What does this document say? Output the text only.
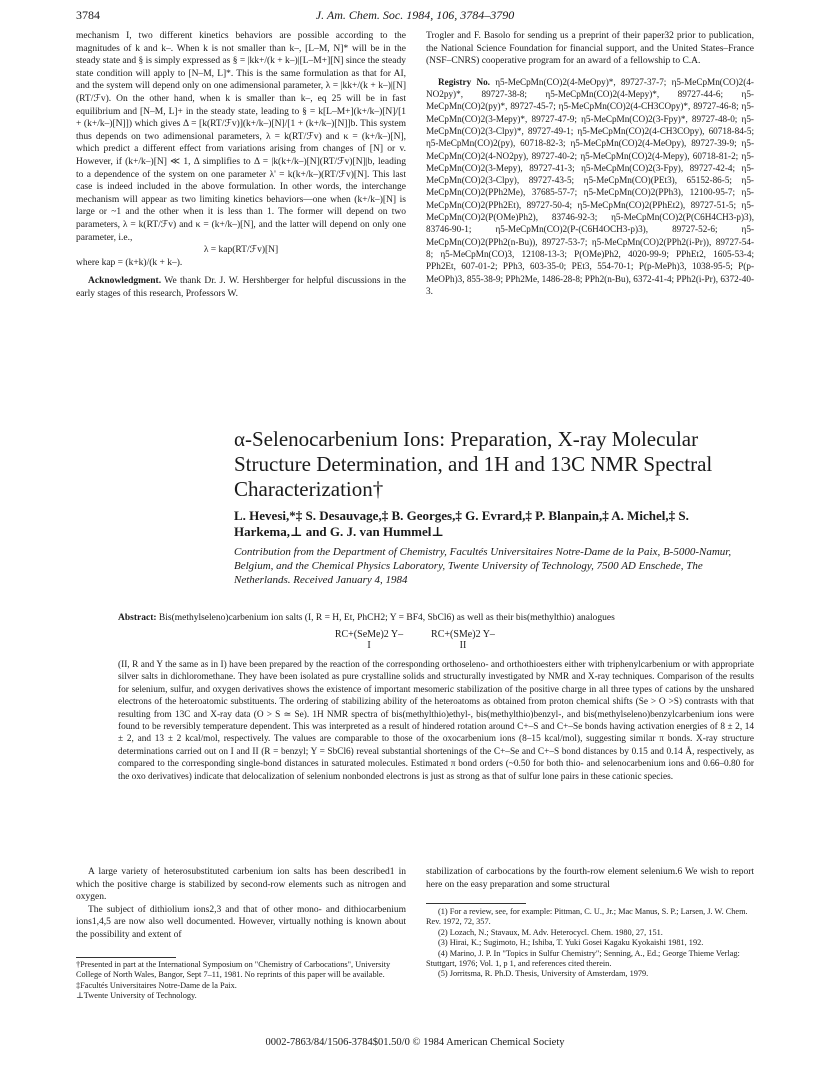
3784	J. Am. Chem. Soc. 1984, 106, 3784–3790

mechanism I, two different kinetics behaviors are possible according to the magnitudes of k and k–. When k is not smaller than k–, [L–M, N]* will be in the steady state and § is simply expressed as § = |kk+/(k + k–)|[L–M+][N] since the steady state condition will apply to [N–M, L]*. This is the same formulation as that for AI, and the system will depend only on one adimensional parameter, λ = |kk+/(k + k–)|[N](RT/ℱv). On the other hand, when k is smaller than k–, eq 25 will be in fast equilibrium and [N–M, L]+ in the steady state, leading to § = k[L–M+](k+/k–)[N]/[1 + (k+/k–)[N]]) which gives Δ = [k(RT/ℱv)](k+/k–)[N]/[1 + (k+/k–)[N]]b. This system thus depends on two adimensional parameters, λ = k(RT/ℱv) and κ = (k+/k–)[N], which predict a different effect from variations arising from changes of [N] or v. However, if (k+/k–)[N] ≪ 1, Δ simplifies to Δ = |k(k+/k–)[N](RT/ℱv)[N]|b, leading to a dependence of the system on one parameter λ' = k(k+/k–)(RT/ℱv)[N]. This last case is indeed included in the above formulation. In other words, the interchange mechanism will appear as two limiting kinetics behaviors—one when (k+/k–)[N] is large or ~1 and the other when it is less than 1. The former will depend on two parameters, λ = k(RT/ℱv) and κ = (k+/k–)[N], and the latter will depend on only one parameter, i.e.,

λ = kap(RT/ℱv)[N]

where kap = (k+k)/(k + k–).

Acknowledgment. We thank Dr. J. W. Hershberger for helpful discussions in the early stages of this research, Professors W.

Trogler and F. Basolo for sending us a preprint of their paper32 prior to publication, the National Science Foundation for financial support, and the United States–France (NSF–CNRS) cooperative program for an award of a fellowship to C.A.

Registry No. η5-MeCpMn(CO)2(4-MeOpy)*, 89727-37-7; η5-MeCpMn(CO)2(4-NO2py)*, 89727-38-8; η5-MeCpMn(CO)2(4-Mepy)*, 89727-44-6; η5-MeCpMn(CO)2(py)*, 89727-45-7; η5-MeCpMn(CO)2(4-CH3COpy)*, 89727-46-8; η5-MeCpMn(CO)2(3-Mepy)*, 89727-47-9; η5-MeCpMn(CO)2(3-Fpy)*, 89727-48-0; η5-MeCpMn(CO)2(3-Clpy)*, 89727-49-1; η5-MeCpMn(CO)2(4-CH3COpy), 60718-84-5; η5-MeCpMn(CO)2(py), 60718-82-3; η5-MeCpMn(CO)2(4-MeOpy), 89727-39-9; η5-MeCpMn(CO)2(4-NO2py), 89727-40-2; η5-MeCpMn(CO)2(4-Mepy), 60718-81-2; η5-MeCpMn(CO)2(3-Mepy), 89727-41-3; η5-MeCpMn(CO)2(3-Fpy), 89727-42-4; η5-MeCpMn(CO)2(3-Clpy), 89727-43-5; η5-MeCpMn(CO)(PEt3), 65152-86-5; η5-MeCpMn(CO)2(PPh2Me), 37685-57-7; η5-MeCpMn(CO)2(PPh3), 12100-95-7; η5-MeCpMn(CO)2(PPh2Et), 89727-50-4; η5-MeCpMn(CO)2(PPhEt2), 89727-51-5; η5-MeCpMn(CO)2(P(OMe)Ph2), 83746-92-3; η5-MeCpMn(CO)2(P(C6H4CH3-p)3), 83746-90-1; η5-MeCpMn(CO)2(P-(C6H4OCH3-p)3), 89727-52-6; η5-MeCpMn(CO)2(PPh2(n-Bu)), 89727-53-7; η5-MeCpMn(CO)2(PPh2(i-Pr)), 89727-54-8; η5-MeCpMn(CO)3, 12108-13-3; P(OMe)Ph2, 4020-99-9; PPhEt2, 1605-53-4; PPh2Et, 607-01-2; PPh3, 603-35-0; PEt3, 554-70-1; P(p-MePh)3, 1038-95-5; P(p-MeOPh)3, 855-38-9; PPh2Me, 1486-28-8; PPh2(n-Bu), 6372-41-4; PPh2(i-Pr), 6372-40-3.

α-Selenocarbenium Ions: Preparation, X-ray Molecular Structure Determination, and 1H and 13C NMR Spectral Characterization†
L. Hevesi,*‡ S. Desauvage,‡ B. Georges,‡ G. Evrard,‡ P. Blanpain,‡ A. Michel,‡ S. Harkema,⊥ and G. J. van Hummel⊥
Contribution from the Department of Chemistry, Facultés Universitaires Notre-Dame de la Paix, B-5000-Namur, Belgium, and the Chemical Physics Laboratory, Twente University of Technology, 7500 AD Enschede, The Netherlands. Received January 4, 1984
Abstract: Bis(methylseleno)carbenium ion salts (I, R = H, Et, PhCH2; Y = BF4, SbCl6) as well as their bis(methylthio) analogues
RC+(SeMe)2 Y–
I
RC+(SMe)2 Y–
II
(II, R and Y the same as in I) have been prepared by the reaction of the corresponding orthoseleno- and orthothioesters either with triphenylcarbenium or with appropriate silver salts in dichloromethane. They have been isolated as pure crystalline solids and structurally investigated by NMR and X-ray techniques. Comparison of the results for selenium, sulfur, and oxygen derivatives shows the existence of important mesomeric stabilization of the positive charge in all three types of cations by the unshared electrons of the heteroatomic substituents. The ordering of stabilizing ability of the heteroatoms as obtained from proton chemical shifts (Se > O >S) contrasts with that resulting from 13C and X-ray data (O > S ≃ Se). 1H NMR spectra of bis(methylthio)ethyl-, bis(methylthio)benzyl-, and bis(methylseleno)benzylcarbenium ions were found to be reversibly temperature dependent. This was interpreted as a result of hindered rotation around C+–S and C+–Se bonds having activation energies of 8 ± 2, 14 ± 2, and 13 ± 2 kcal/mol, respectively. The values are comparable to those of the oxocarbenium ions (8–15 kcal/mol), suggesting similar π bonds. X-ray structure determinations carried out on I and II (R = benzyl; Y = SbCl6) reveal substantial shortenings of the C+–Se and C+–S bond distances by 0.15 and 0.14 Å, respectively, as compared to the corresponding single-bond distances in saturated molecules. Estimated π bond orders (~0.50 for both thio- and selenocarbenium ions and 0.66–0.80 for the oxo derivatives) indicate that delocalization of selenium nonbonded electrons is just as strong as that of sulfur lone pairs in these cationic species.

A large variety of heterosubstituted carbenium ion salts has been described1 in which the positive charge is stabilized by second-row elements such as nitrogen and oxygen.

The subject of dithiolium ions2,3 and that of other mono- and dithiocarbenium ions1,4,5 are now also well documented. However, virtually nothing is known about the possibility and extent of

stabilization of carbocations by the fourth-row element selenium.6 We wish to report here on the easy preparation and some structural
†Presented in part at the International Symposium on "Chemistry of Carbocations", University College of North Wales, Bangor, Sept 7–11, 1981. No reprints of this paper will be available.
‡Facultés Universitaires Notre-Dame de la Paix.
⊥Twente University of Technology.
(1) For a review, see, for example: Pittman, C. U., Jr.; Mac Manus, S. P.; Larsen, J. W. Chem. Rev. 1972, 72, 357.
(2) Lozach, N.; Stavaux, M. Adv. Heterocycl. Chem. 1980, 27, 151.
(3) Hirai, K.; Sugimoto, H.; Ishiba, T. Yuki Gosei Kagaku Kyokaishi 1981, 192.
(4) Marino, J. P. In "Topics in Sulfur Chemistry"; Senning, A., Ed.; George Thieme Verlag: Stuttgart, 1976; Vol. 1, p 1, and references cited therein.
(5) Jorritsma, R. Ph.D. Thesis, University of Amsterdam, 1979.
0002-7863/84/1506-3784$01.50/0 © 1984 American Chemical Society
